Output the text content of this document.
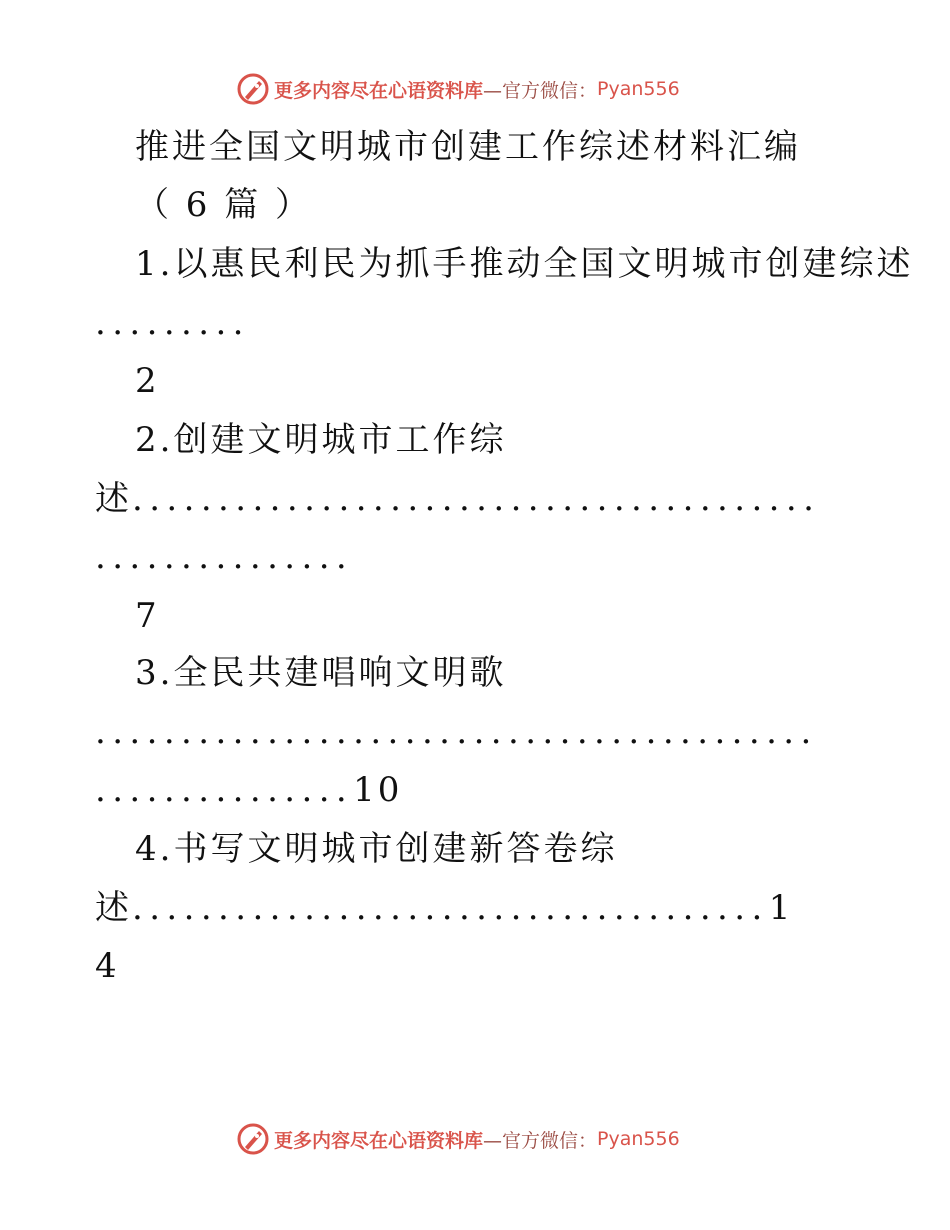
更多内容尽在心语资料库 —官方微信： Pyan556
推进全国文明城市创建工作综述材料汇编
（ 6 篇 ）
1.以惠民利民为抓手推动全国文明城市创建综述
.........
2
2.创建文明城市工作综
述........................................
...............
7
3.全民共建唱响文明歌
..........................................
...............10
4.书写文明城市创建新答卷综
述.....................................1
4
更多内容尽在心语资料库 —官方微信： Pyan556
